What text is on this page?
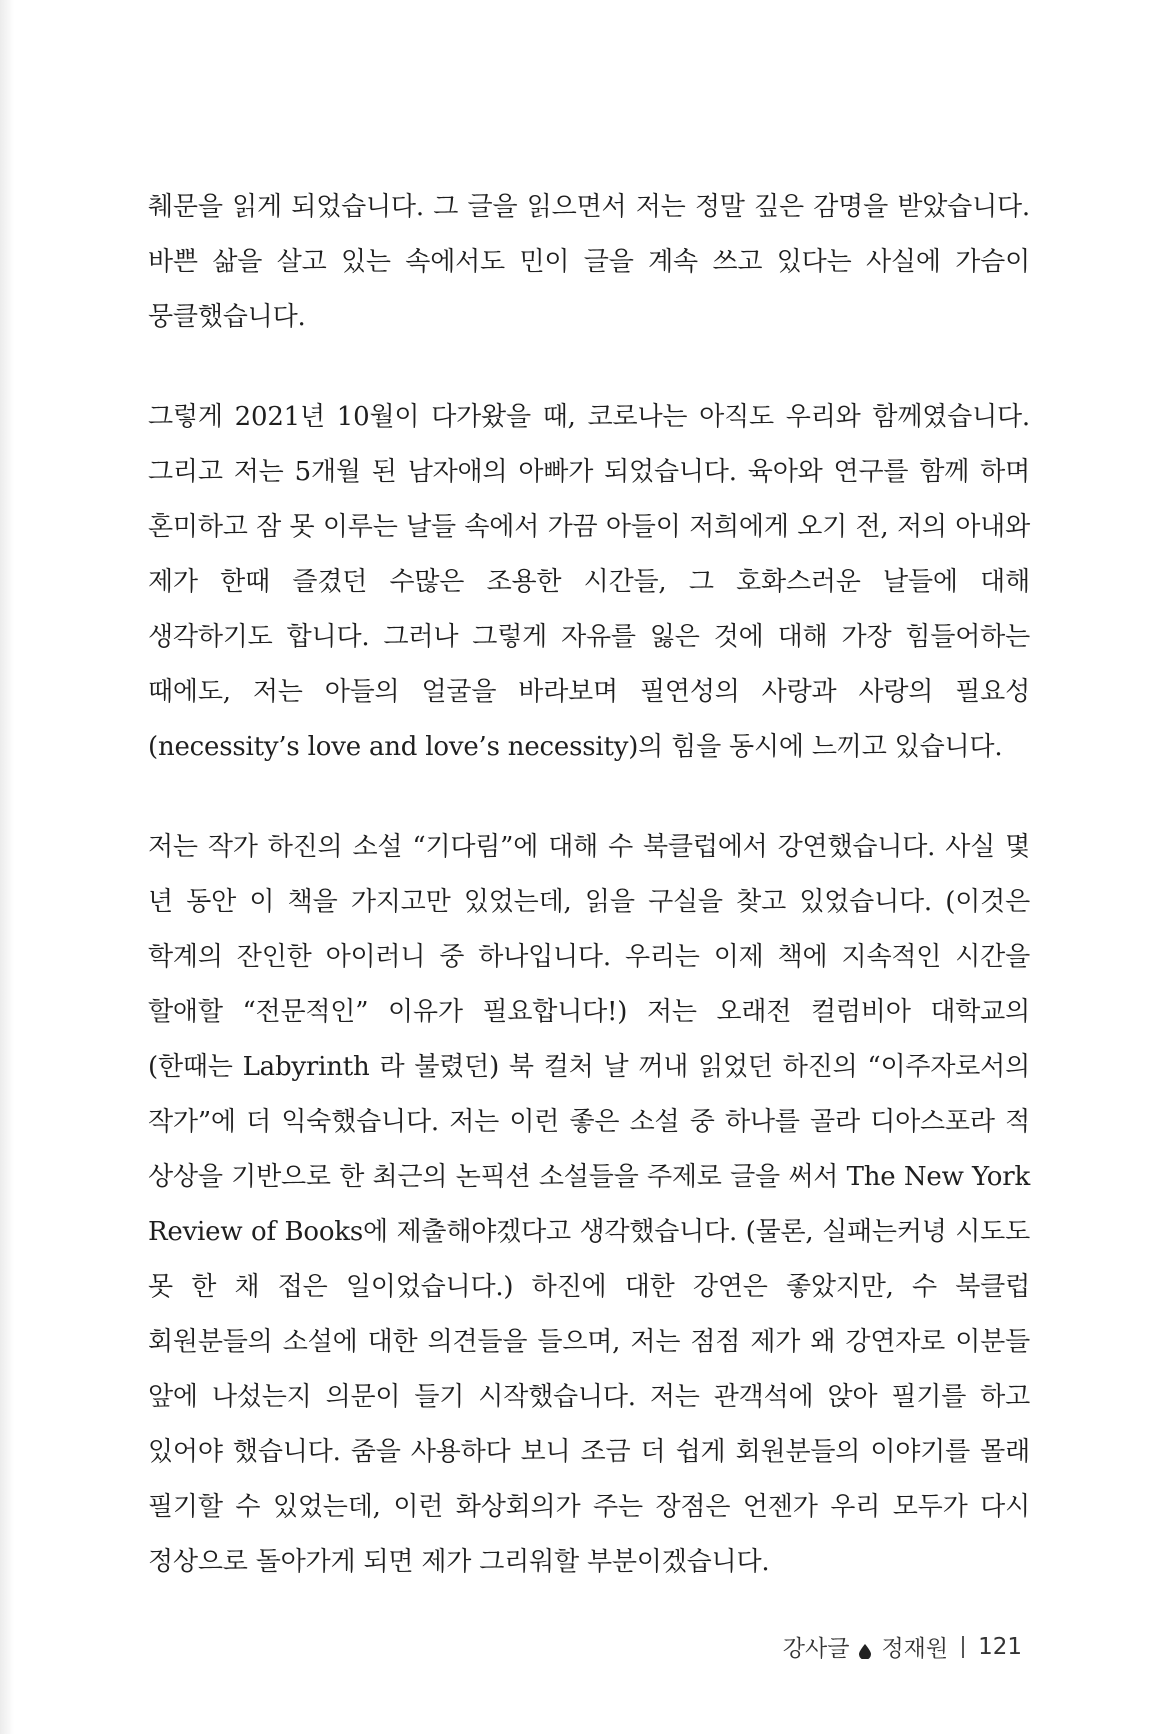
췌문을 읽게 되었습니다. 그 글을 읽으면서 저는 정말 깊은 감명을 받았습니다. 바쁜 삶을 살고 있는 속에서도 민이 글을 계속 쓰고 있다는 사실에 가슴이 뭉클했습니다.

그렇게 2021년 10월이 다가왔을 때, 코로나는 아직도 우리와 함께였습니다. 그리고 저는 5개월 된 남자애의 아빠가 되었습니다. 육아와 연구를 함께 하며 혼미하고 잠 못 이루는 날들 속에서 가끔 아들이 저희에게 오기 전, 저의 아내와 제가 한때 즐겼던 수많은 조용한 시간들, 그 호화스러운 날들에 대해 생각하기도 합니다. 그러나 그렇게 자유를 잃은 것에 대해 가장 힘들어하는 때에도, 저는 아들의 얼굴을 바라보며 필연성의 사랑과 사랑의 필요성 (necessity’s love and love’s necessity)의 힘을 동시에 느끼고 있습니다.

저는 작가 하진의 소설 “기다림”에 대해 수 북클럽에서 강연했습니다. 사실 몇 년 동안 이 책을 가지고만 있었는데, 읽을 구실을 찾고 있었습니다. (이것은 학계의 잔인한 아이러니 중 하나입니다. 우리는 이제 책에 지속적인 시간을 할애할 “전문적인” 이유가 필요합니다!) 저는 오래전 컬럼비아 대학교의 (한때는 Labyrinth 라 불렸던) 북 컬처 날 꺼내 읽었던 하진의 “이주자로서의 작가”에 더 익숙했습니다. 저는 이런 좋은 소설 중 하나를 골라 디아스포라 적 상상을 기반으로 한 최근의 논픽션 소설들을 주제로 글을 써서 The New York Review of Books에 제출해야겠다고 생각했습니다. (물론, 실패는커녕 시도도 못 한 채 접은 일이었습니다.) 하진에 대한 강연은 좋았지만, 수 북클럽 회원분들의 소설에 대한 의견들을 들으며, 저는 점점 제가 왜 강연자로 이분들 앞에 나섰는지 의문이 들기 시작했습니다. 저는 관객석에 앉아 필기를 하고 있어야 했습니다. 줌을 사용하다 보니 조금 더 쉽게 회원분들의 이야기를 몰래 필기할 수 있었는데, 이런 화상회의가 주는 장점은 언젠가 우리 모두가 다시 정상으로 돌아가게 되면 제가 그리워할 부분이겠습니다.

강사글 정재원 121
